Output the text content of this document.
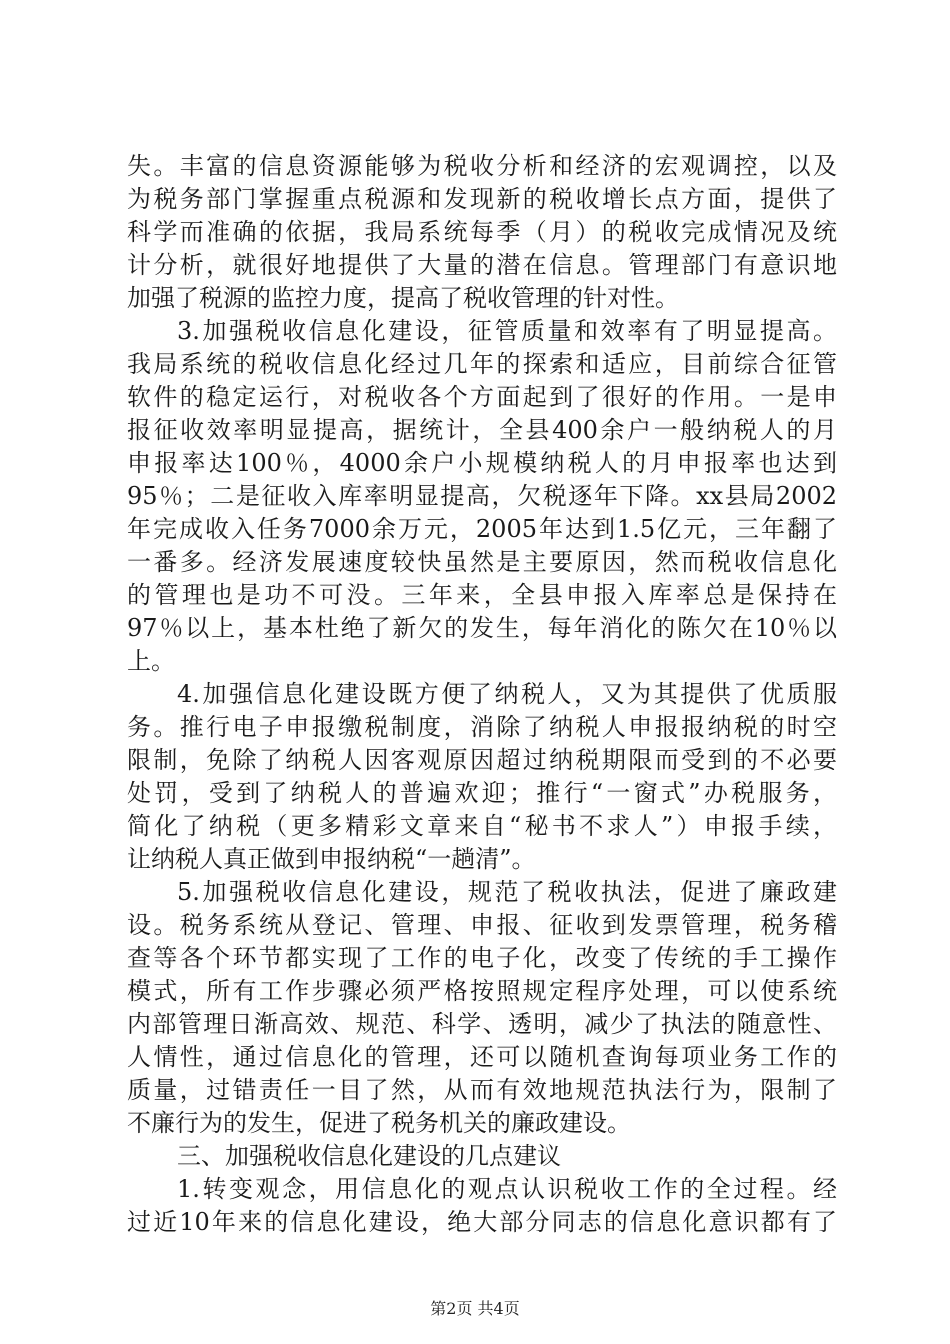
失。丰富的信息资源能够为税收分析和经济的宏观调控，以及
为税务部门掌握重点税源和发现新的税收增长点方面，提供了
科学而准确的依据，我局系统每季（月）的税收完成情况及统
计分析，就很好地提供了大量的潜在信息。管理部门有意识地
加强了税源的监控力度，提高了税收管理的针对性。
3.加强税收信息化建设，征管质量和效率有了明显提高。
我局系统的税收信息化经过几年的探索和适应，目前综合征管
软件的稳定运行，对税收各个方面起到了很好的作用。一是申
报征收效率明显提高，据统计，全县400余户一般纳税人的月
申报率达100％，4000余户小规模纳税人的月申报率也达到
95％；二是征收入库率明显提高，欠税逐年下降。xx县局2002
年完成收入任务7000余万元，2005年达到1.5亿元，三年翻了
一番多。经济发展速度较快虽然是主要原因，然而税收信息化
的管理也是功不可没。三年来，全县申报入库率总是保持在
97％以上，基本杜绝了新欠的发生，每年消化的陈欠在10％以
上。
4.加强信息化建设既方便了纳税人，又为其提供了优质服
务。推行电子申报缴税制度，消除了纳税人申报报纳税的时空
限制，免除了纳税人因客观原因超过纳税期限而受到的不必要
处罚，受到了纳税人的普遍欢迎；推行“一窗式”办税服务，
简化了纳税（更多精彩文章来自“秘书不求人”）申报手续，
让纳税人真正做到申报纳税“一趟清”。
5.加强税收信息化建设，规范了税收执法，促进了廉政建
设。税务系统从登记、管理、申报、征收到发票管理，税务稽
查等各个环节都实现了工作的电子化，改变了传统的手工操作
模式，所有工作步骤必须严格按照规定程序处理，可以使系统
内部管理日渐高效、规范、科学、透明，减少了执法的随意性、
人情性，通过信息化的管理，还可以随机查询每项业务工作的
质量，过错责任一目了然，从而有效地规范执法行为，限制了
不廉行为的发生，促进了税务机关的廉政建设。
三、加强税收信息化建设的几点建议
1.转变观念，用信息化的观点认识税收工作的全过程。经
过近10年来的信息化建设，绝大部分同志的信息化意识都有了
第2页 共4页
